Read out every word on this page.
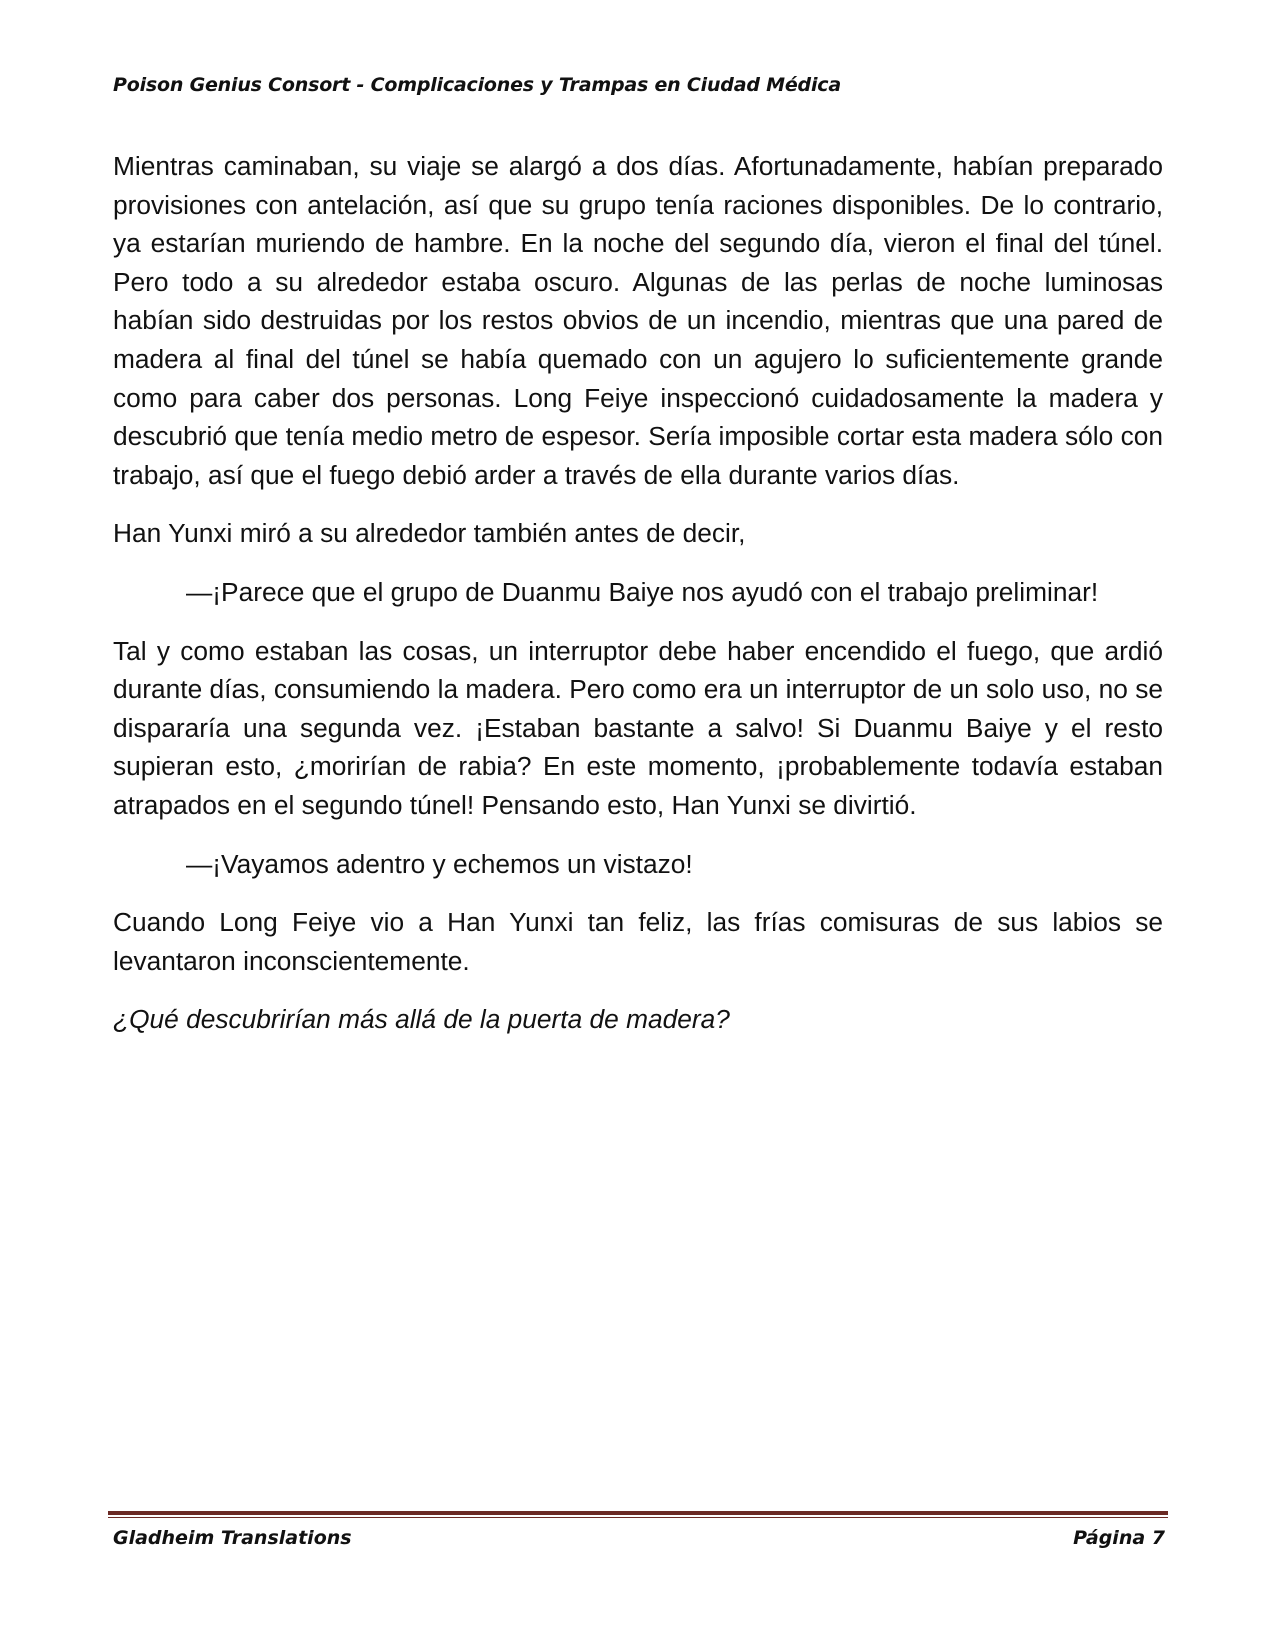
Poison Genius Consort - Complicaciones y Trampas en Ciudad Médica

Mientras caminaban, su viaje se alargó a dos días. Afortunadamente, habían preparado provisiones con antelación, así que su grupo tenía raciones disponibles. De lo contrario, ya estarían muriendo de hambre. En la noche del segundo día, vieron el final del túnel. Pero todo a su alrededor estaba oscuro. Algunas de las perlas de noche luminosas habían sido destruidas por los restos obvios de un incendio, mientras que una pared de madera al final del túnel se había quemado con un agujero lo suficientemente grande como para caber dos personas. Long Feiye inspeccionó cuidadosamente la madera y descubrió que tenía medio metro de espesor. Sería imposible cortar esta madera sólo con trabajo, así que el fuego debió arder a través de ella durante varios días.

Han Yunxi miró a su alrededor también antes de decir,

—¡Parece que el grupo de Duanmu Baiye nos ayudó con el trabajo preliminar!

Tal y como estaban las cosas, un interruptor debe haber encendido el fuego, que ardió durante días, consumiendo la madera. Pero como era un interruptor de un solo uso, no se dispararía una segunda vez. ¡Estaban bastante a salvo! Si Duanmu Baiye y el resto supieran esto, ¿morirían de rabia? En este momento, ¡probablemente todavía estaban atrapados en el segundo túnel! Pensando esto, Han Yunxi se divirtió.

—¡Vayamos adentro y echemos un vistazo!

Cuando Long Feiye vio a Han Yunxi tan feliz, las frías comisuras de sus labios se levantaron inconscientemente.

¿Qué descubrirían más allá de la puerta de madera?

Gladheim Translations	Página 7
